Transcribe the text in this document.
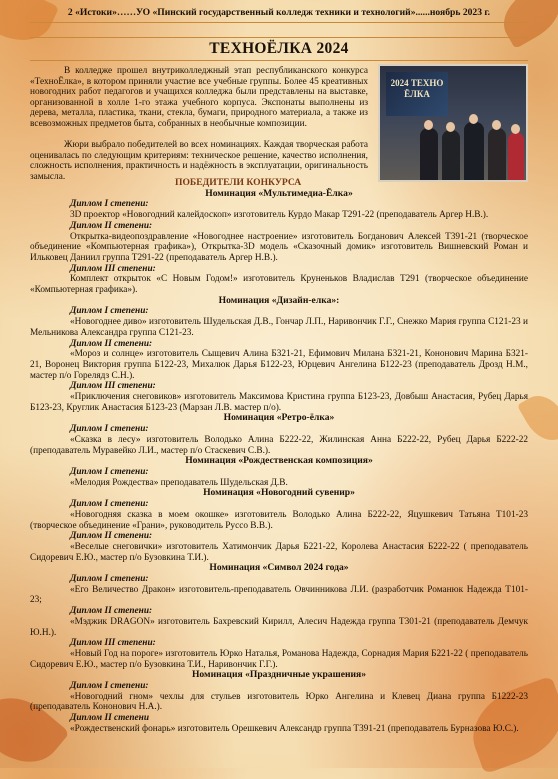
2 «Истоки»……УО «Пинский государственный колледж техники и технологий»......ноябрь 2023 г.
ТЕХНОЁЛКА 2024

В колледже прошел внутриколледжный этап республиканского конкурса «ТехноЁлка», в котором приняли участие все учебные группы. Более 45 креативных новогодних работ педагогов и учащихся колледжа были представлены на выставке, организованной в холле 1-го этажа учебного корпуса. Экспонаты выполнены из дерева, металла, пластика, ткани, стекла, бумаги, природного материала, а также из всевозможных предметов быта, собранных в необычные композиции.

Жюри выбрало победителей во всех номинациях. Каждая творческая работа оценивалась по следующим критериям: техническое решение, качество исполнения, сложность исполнения, практичность и надёжность в эксплуатации, оригинальность замысла.

2024 ТЕХНО ЁЛКА
ПОБЕДИТЕЛИ КОНКУРСА
Номинация «Мультимедиа-Ёлка»
Диплом I степени:
3D проектор «Новогодний калейдоскоп» изготовитель Курдо Макар Т291-22 (преподаватель Аргер Н.В.).
Диплом II степени:
Открытка-видеопоздравление «Новогоднее настроение» изготовитель Богданович Алексей Т391-21 (творческое объединение «Компьютерная графика»), Открытка-3D модель «Сказочный домик» изготовитель Вишневский Роман и Ильковец Даниил группа Т291-22 (преподаватель Аргер Н.В.).
Диплом III степени:
Комплект открыток «С Новым Годом!» изготовитель Круненьков Владислав Т291 (творческое объединение «Компьютерная графика»).
Номинация «Дизайн-елка»:
Диплом I степени:
«Новогоднее диво» изготовитель Шудельская Д.В., Гончар Л.П., Наривончик Г.Г., Снежко Мария группа С121-23 и Мельникова Александра группа С121-23.
Диплом II степени:
«Мороз и солнце» изготовитель Сыщевич Алина Б321-21, Ефимович Милана Б321-21, Кононович Марина Б321-21, Воронец Виктория группа Б122-23, Михалюк Дарья Б122-23, Юрцевич Ангелина Б122-23 (преподаватель Дрозд Н.М., мастер п/о Горелядз С.Н.).
Диплом III степени:
«Приключения снеговиков» изготовитель Максимова Кристина группа Б123-23, Довбыш Анастасия, Рубец Дарья Б123-23, Круглик Анастасия Б123-23 (Марзан Л.В. мастер п/о).
Номинация «Ретро-ёлка»
Диплом I степени:
«Сказка в лесу» изготовитель Володько Алина Б222-22, Жилинская Анна Б222-22, Рубец Дарья Б222-22 (преподаватель Муравейко Л.И., мастер п/о Стаскевич С.В.).
Номинация «Рождественская композиция»
Диплом I степени:
«Мелодия Рождества» преподаватель Шудельская Д.В.
Номинация «Новогодний сувенир»
Диплом I степени:
«Новогодняя сказка в моем окошке» изготовитель Володько Алина Б222-22, Яцушкевич Татьяна Т101-23 (творческое объединение «Грани», руководитель Руссо В.В.).
Диплом II степени:
«Веселые снеговички» изготовитель Хатимончик Дарья Б221-22, Королева Анастасия Б222-22 ( преподаватель Сидоревич Е.Ю., мастер п/о Бузовкина Т.И.).
Номинация «Символ 2024 года»
Диплом I степени:
«Его Величество Дракон» изготовитель-преподаватель Овчинникова Л.И. (разработчик Романюк Надежда Т101-23;
Диплом II степени:
«Мэджик DRAGON» изготовитель Бахревский Кирилл, Алесич Надежда группа Т301-21 (преподаватель Демчук Ю.Н.).
Диплом III степени:
«Новый Год на пороге» изготовитель Юрко Наталья, Романова Надежда, Сорнадия Мария Б221-22 ( преподаватель Сидоревич Е.Ю., мастер п/о Бузовкина Т.И., Наривончик Г.Г.).
Номинация «Праздничные украшения»
Диплом I степени:
«Новогодний гном» чехлы для стульев изготовитель Юрко Ангелина и Клевец Диана группа Б1222-23 (преподаватель Кононович Н.А.).
Диплом II степени
«Рождественский фонарь» изготовитель Орешкевич Александр группа Т391-21 (преподаватель Бурназова Ю.С.).
